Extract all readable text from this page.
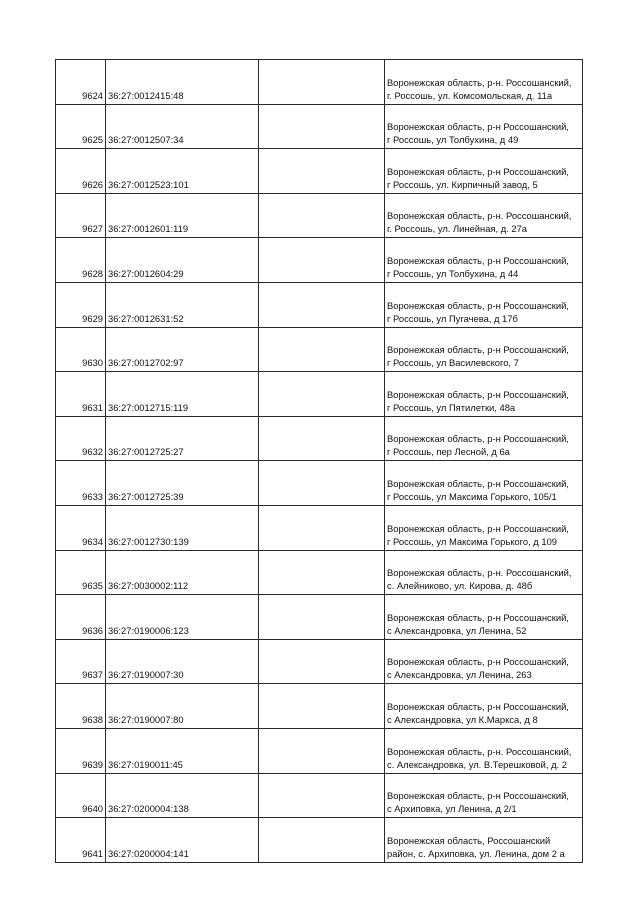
9624	36:27:0012415:48		Воронежская область, р-н. Россошанский,
г. Россошь, ул. Комсомольская, д. 11а

9625	36:27:0012507:34		Воронежская область, р-н Россошанский,
г Россошь, ул Толбухина, д 49

9626	36:27:0012523:101		Воронежская область, р-н Россошанский,
г Россошь, ул. Кирпичный завод, 5

9627	36:27:0012601:119		Воронежская область, р-н. Россошанский,
г. Россошь, ул. Линейная, д. 27а

9628	36:27:0012604:29		Воронежская область, р-н Россошанский,
г Россошь, ул Толбухина, д 44

9629	36:27:0012631:52		Воронежская область, р-н Россошанский,
г Россошь, ул Пугачева, д 17б

9630	36:27:0012702:97		Воронежская область, р-н Россошанский,
г Россошь, ул Василевского, 7

9631	36:27:0012715:119		Воронежская область, р-н Россошанский,
г Россошь, ул Пятилетки, 48а

9632	36:27:0012725:27		Воронежская область, р-н Россошанский,
г Россошь, пер Лесной, д 6а

9633	36:27:0012725:39		Воронежская область, р-н Россошанский,
г Россошь, ул Максима Горького, 105/1

9634	36:27:0012730:139		Воронежская область, р-н Россошанский,
г Россошь, ул Максима Горького, д 109

9635	36:27:0030002:112		Воронежская область, р-н. Россошанский,
с. Алейниково, ул. Кирова, д. 48б

9636	36:27:0190006:123		Воронежская область, р-н Россошанский,
с Александровка, ул Ленина, 52

9637	36:27:0190007:30		Воронежская область, р-н Россошанский,
с Александровка, ул Ленина, 263

9638	36:27:0190007:80		Воронежская область, р-н Россошанский,
с Александровка, ул К.Маркса, д 8

9639	36:27:0190011:45		Воронежская область, р-н. Россошанский,
с. Александровка, ул. В.Терешковой, д. 2

9640	36:27:0200004:138		Воронежская область, р-н Россошанский,
с Архиповка, ул Ленина, д 2/1

9641	36:27:0200004:141		Воронежская область, Россошанский
район, с. Архиповка, ул. Ленина, дом 2 а
